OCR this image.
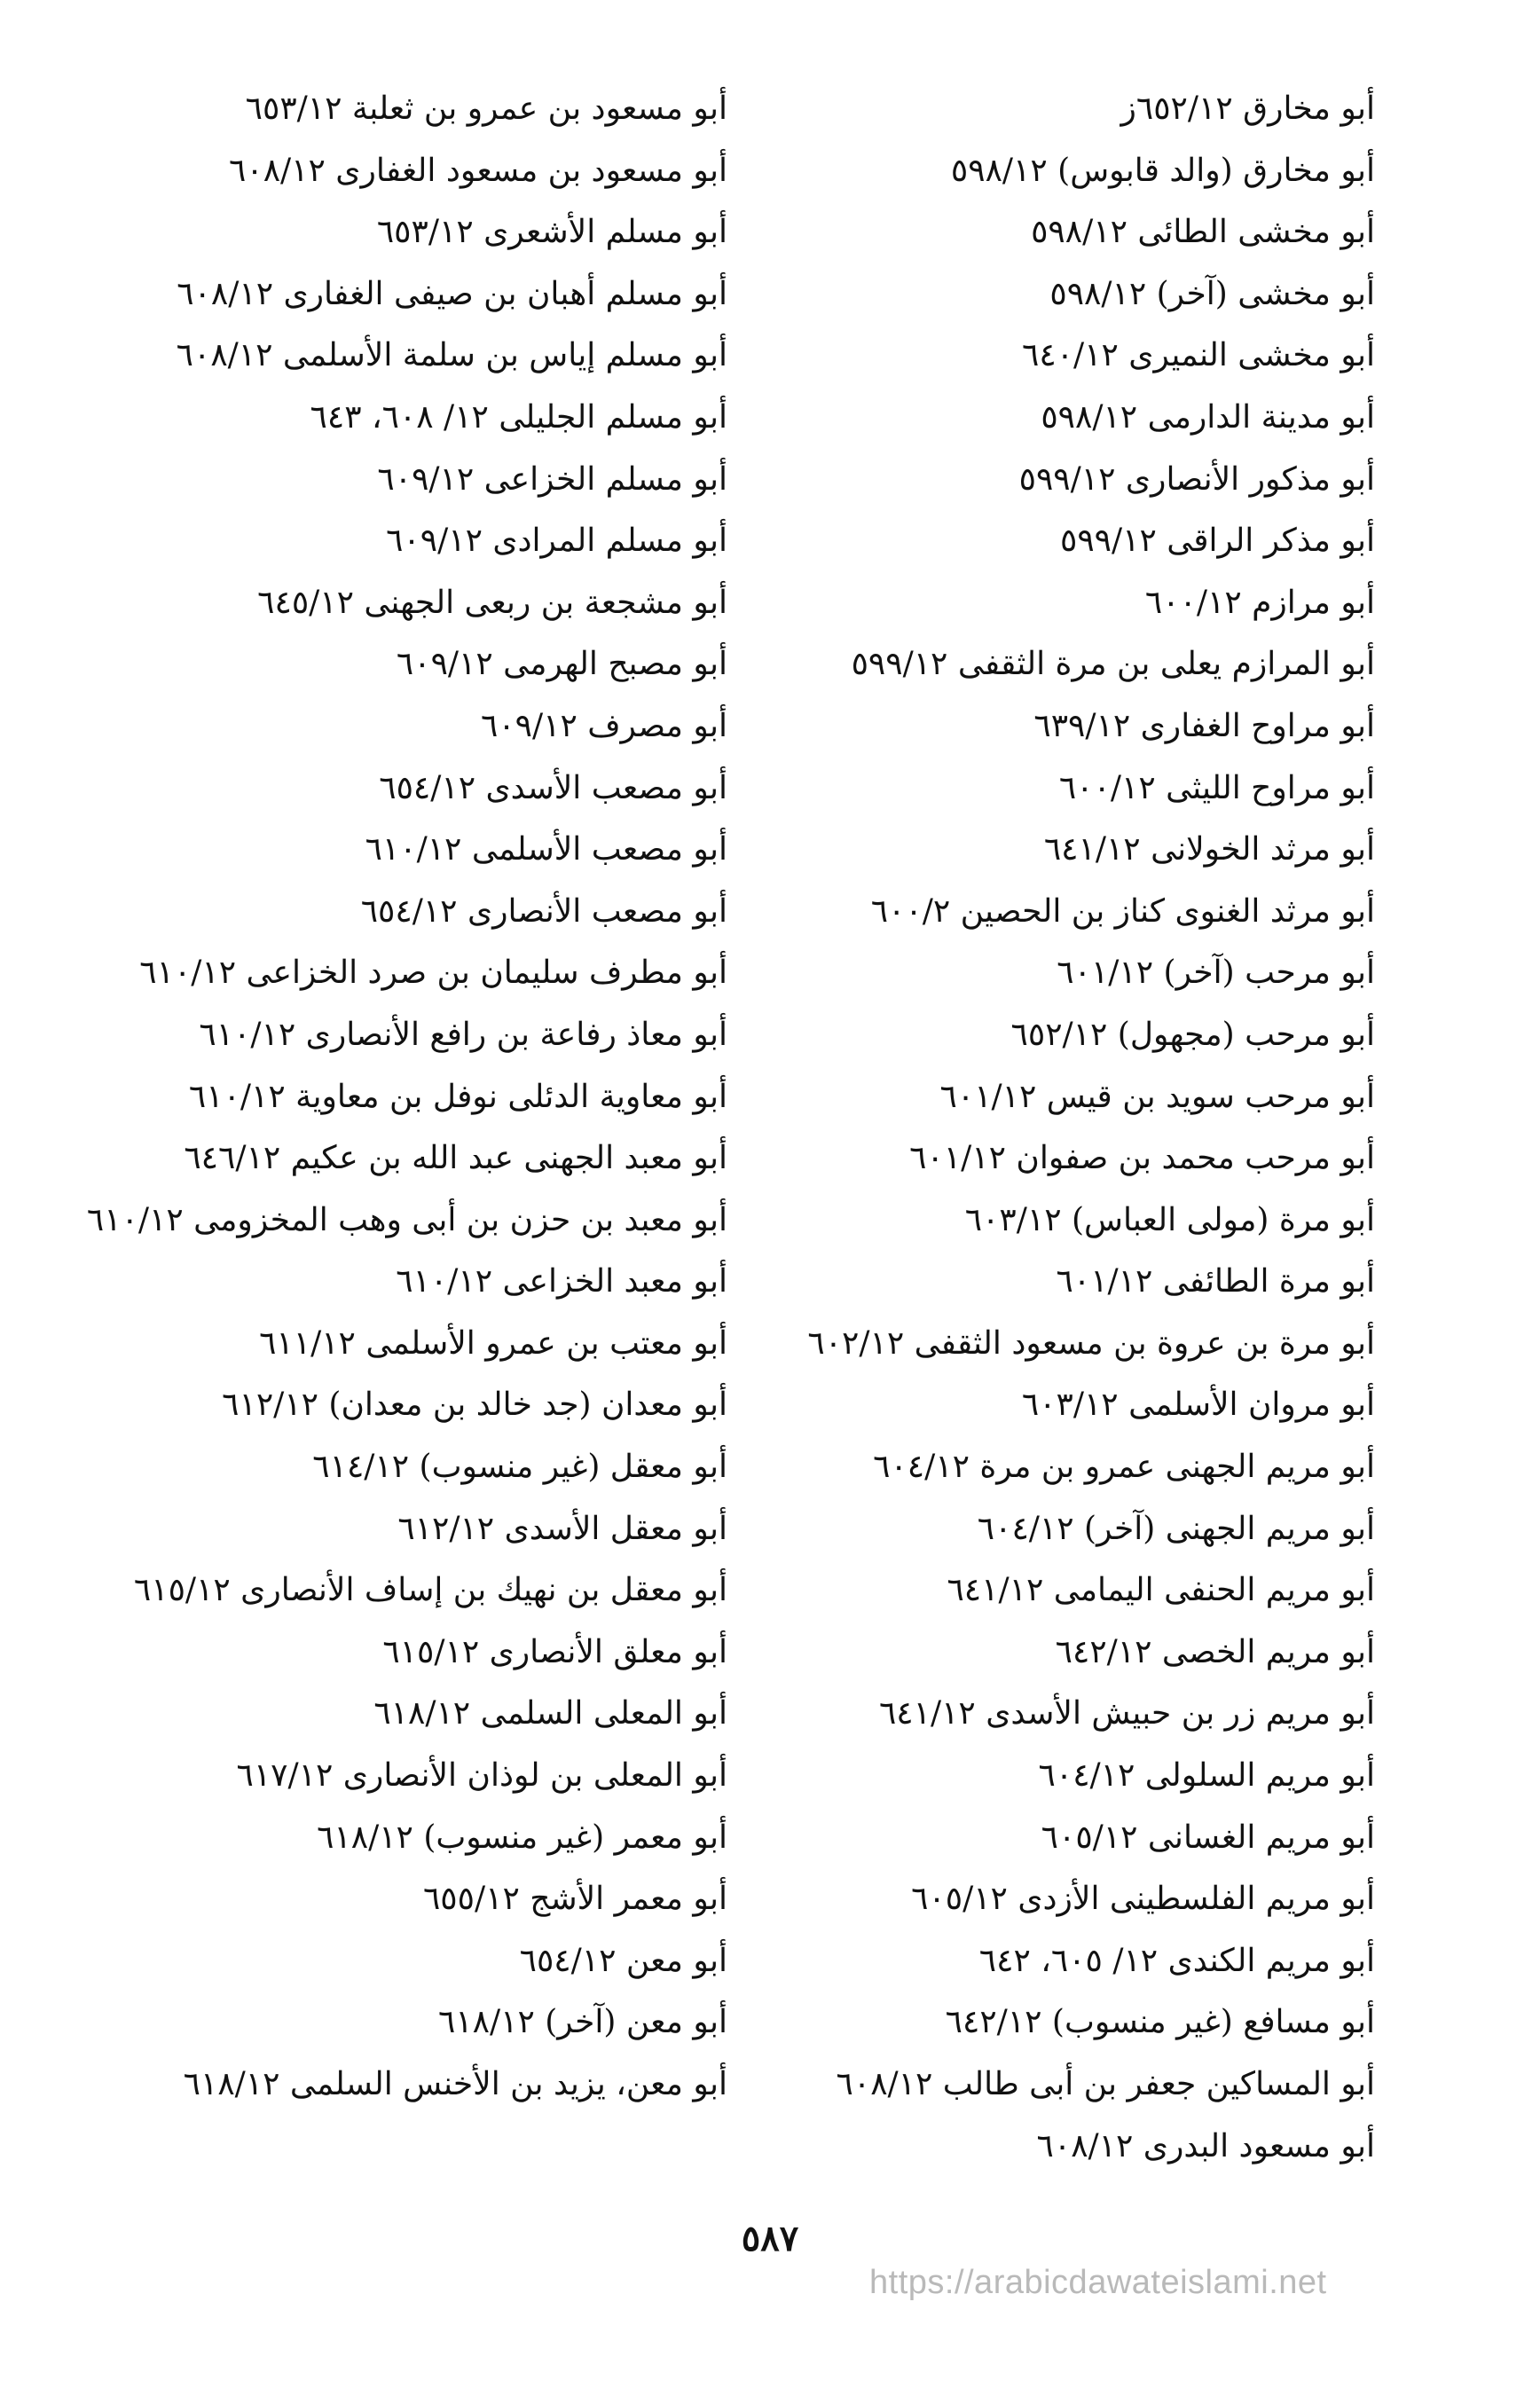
أبو مخارق ٦٥٢/١٢ز
أبو مخارق (والد قابوس) ٥٩٨/١٢
أبو مخشى الطائى ٥٩٨/١٢
أبو مخشى (آخر) ٥٩٨/١٢
أبو مخشى النميرى ٦٤٠/١٢
أبو مدينة الدارمى ٥٩٨/١٢
أبو مذكور الأنصارى ٥٩٩/١٢
أبو مذكر الراقى ٥٩٩/١٢
أبو مرازم ٦٠٠/١٢
أبو المرازم يعلى بن مرة الثقفى ٥٩٩/١٢
أبو مراوح الغفارى ٦٣٩/١٢
أبو مراوح الليثى ٦٠٠/١٢
أبو مرثد الخولانى ٦٤١/١٢
أبو مرثد الغنوى كناز بن الحصين ٦٠٠/٢
أبو مرحب (آخر) ٦٠١/١٢
أبو مرحب (مجهول) ٦٥٢/١٢
أبو مرحب سويد بن قيس ٦٠١/١٢
أبو مرحب محمد بن صفوان ٦٠١/١٢
أبو مرة (مولى العباس) ٦٠٣/١٢
أبو مرة الطائفى ٦٠١/١٢
أبو مرة بن عروة بن مسعود الثقفى ٦٠٢/١٢
أبو مروان الأسلمى ٦٠٣/١٢
أبو مريم الجهنى عمرو بن مرة ٦٠٤/١٢
أبو مريم الجهنى (آخر) ٦٠٤/١٢
أبو مريم الحنفى اليمامى ٦٤١/١٢
أبو مريم الخصى ٦٤٢/١٢
أبو مريم زر بن حبيش الأسدى ٦٤١/١٢
أبو مريم السلولى ٦٠٤/١٢
أبو مريم الغسانى ٦٠٥/١٢
أبو مريم الفلسطينى الأزدى ٦٠٥/١٢
أبو مريم الكندى ١٢/ ٦٠٥، ٦٤٢
أبو مسافع (غير منسوب) ٦٤٢/١٢
أبو المساكين جعفر بن أبى طالب ٦٠٨/١٢
أبو مسعود البدرى ٦٠٨/١٢
أبو مسعود بن عمرو بن ثعلبة ٦٥٣/١٢
أبو مسعود بن مسعود الغفارى ٦٠٨/١٢
أبو مسلم الأشعرى ٦٥٣/١٢
أبو مسلم أهبان بن صيفى الغفارى ٦٠٨/١٢
أبو مسلم إياس بن سلمة الأسلمى ٦٠٨/١٢
أبو مسلم الجليلى ١٢/ ٦٠٨، ٦٤٣
أبو مسلم الخزاعى ٦٠٩/١٢
أبو مسلم المرادى ٦٠٩/١٢
أبو مشجعة بن ربعى الجهنى ٦٤٥/١٢
أبو مصبح الهرمى ٦٠٩/١٢
أبو مصرف ٦٠٩/١٢
أبو مصعب الأسدى ٦٥٤/١٢
أبو مصعب الأسلمى ٦١٠/١٢
أبو مصعب الأنصارى ٦٥٤/١٢
أبو مطرف سليمان بن صرد الخزاعى ٦١٠/١٢
أبو معاذ رفاعة بن رافع الأنصارى ٦١٠/١٢
أبو معاوية الدئلى نوفل بن معاوية ٦١٠/١٢
أبو معبد الجهنى عبد الله بن عكيم ٦٤٦/١٢
أبو معبد بن حزن بن أبى وهب المخزومى ٦١٠/١٢
أبو معبد الخزاعى ٦١٠/١٢
أبو معتب بن عمرو الأسلمى ٦١١/١٢
أبو معدان (جد خالد بن معدان) ٦١٢/١٢
أبو معقل (غير منسوب) ٦١٤/١٢
أبو معقل الأسدى ٦١٢/١٢
أبو معقل بن نهيك بن إساف الأنصارى ٦١٥/١٢
أبو معلق الأنصارى ٦١٥/١٢
أبو المعلى السلمى ٦١٨/١٢
أبو المعلى بن لوذان الأنصارى ٦١٧/١٢
أبو معمر (غير منسوب) ٦١٨/١٢
أبو معمر الأشج ٦٥٥/١٢
أبو معن ٦٥٤/١٢
أبو معن (آخر) ٦١٨/١٢
أبو معن، يزيد بن الأخنس السلمى ٦١٨/١٢
٥٨٧
https://arabicdawateislami.net
